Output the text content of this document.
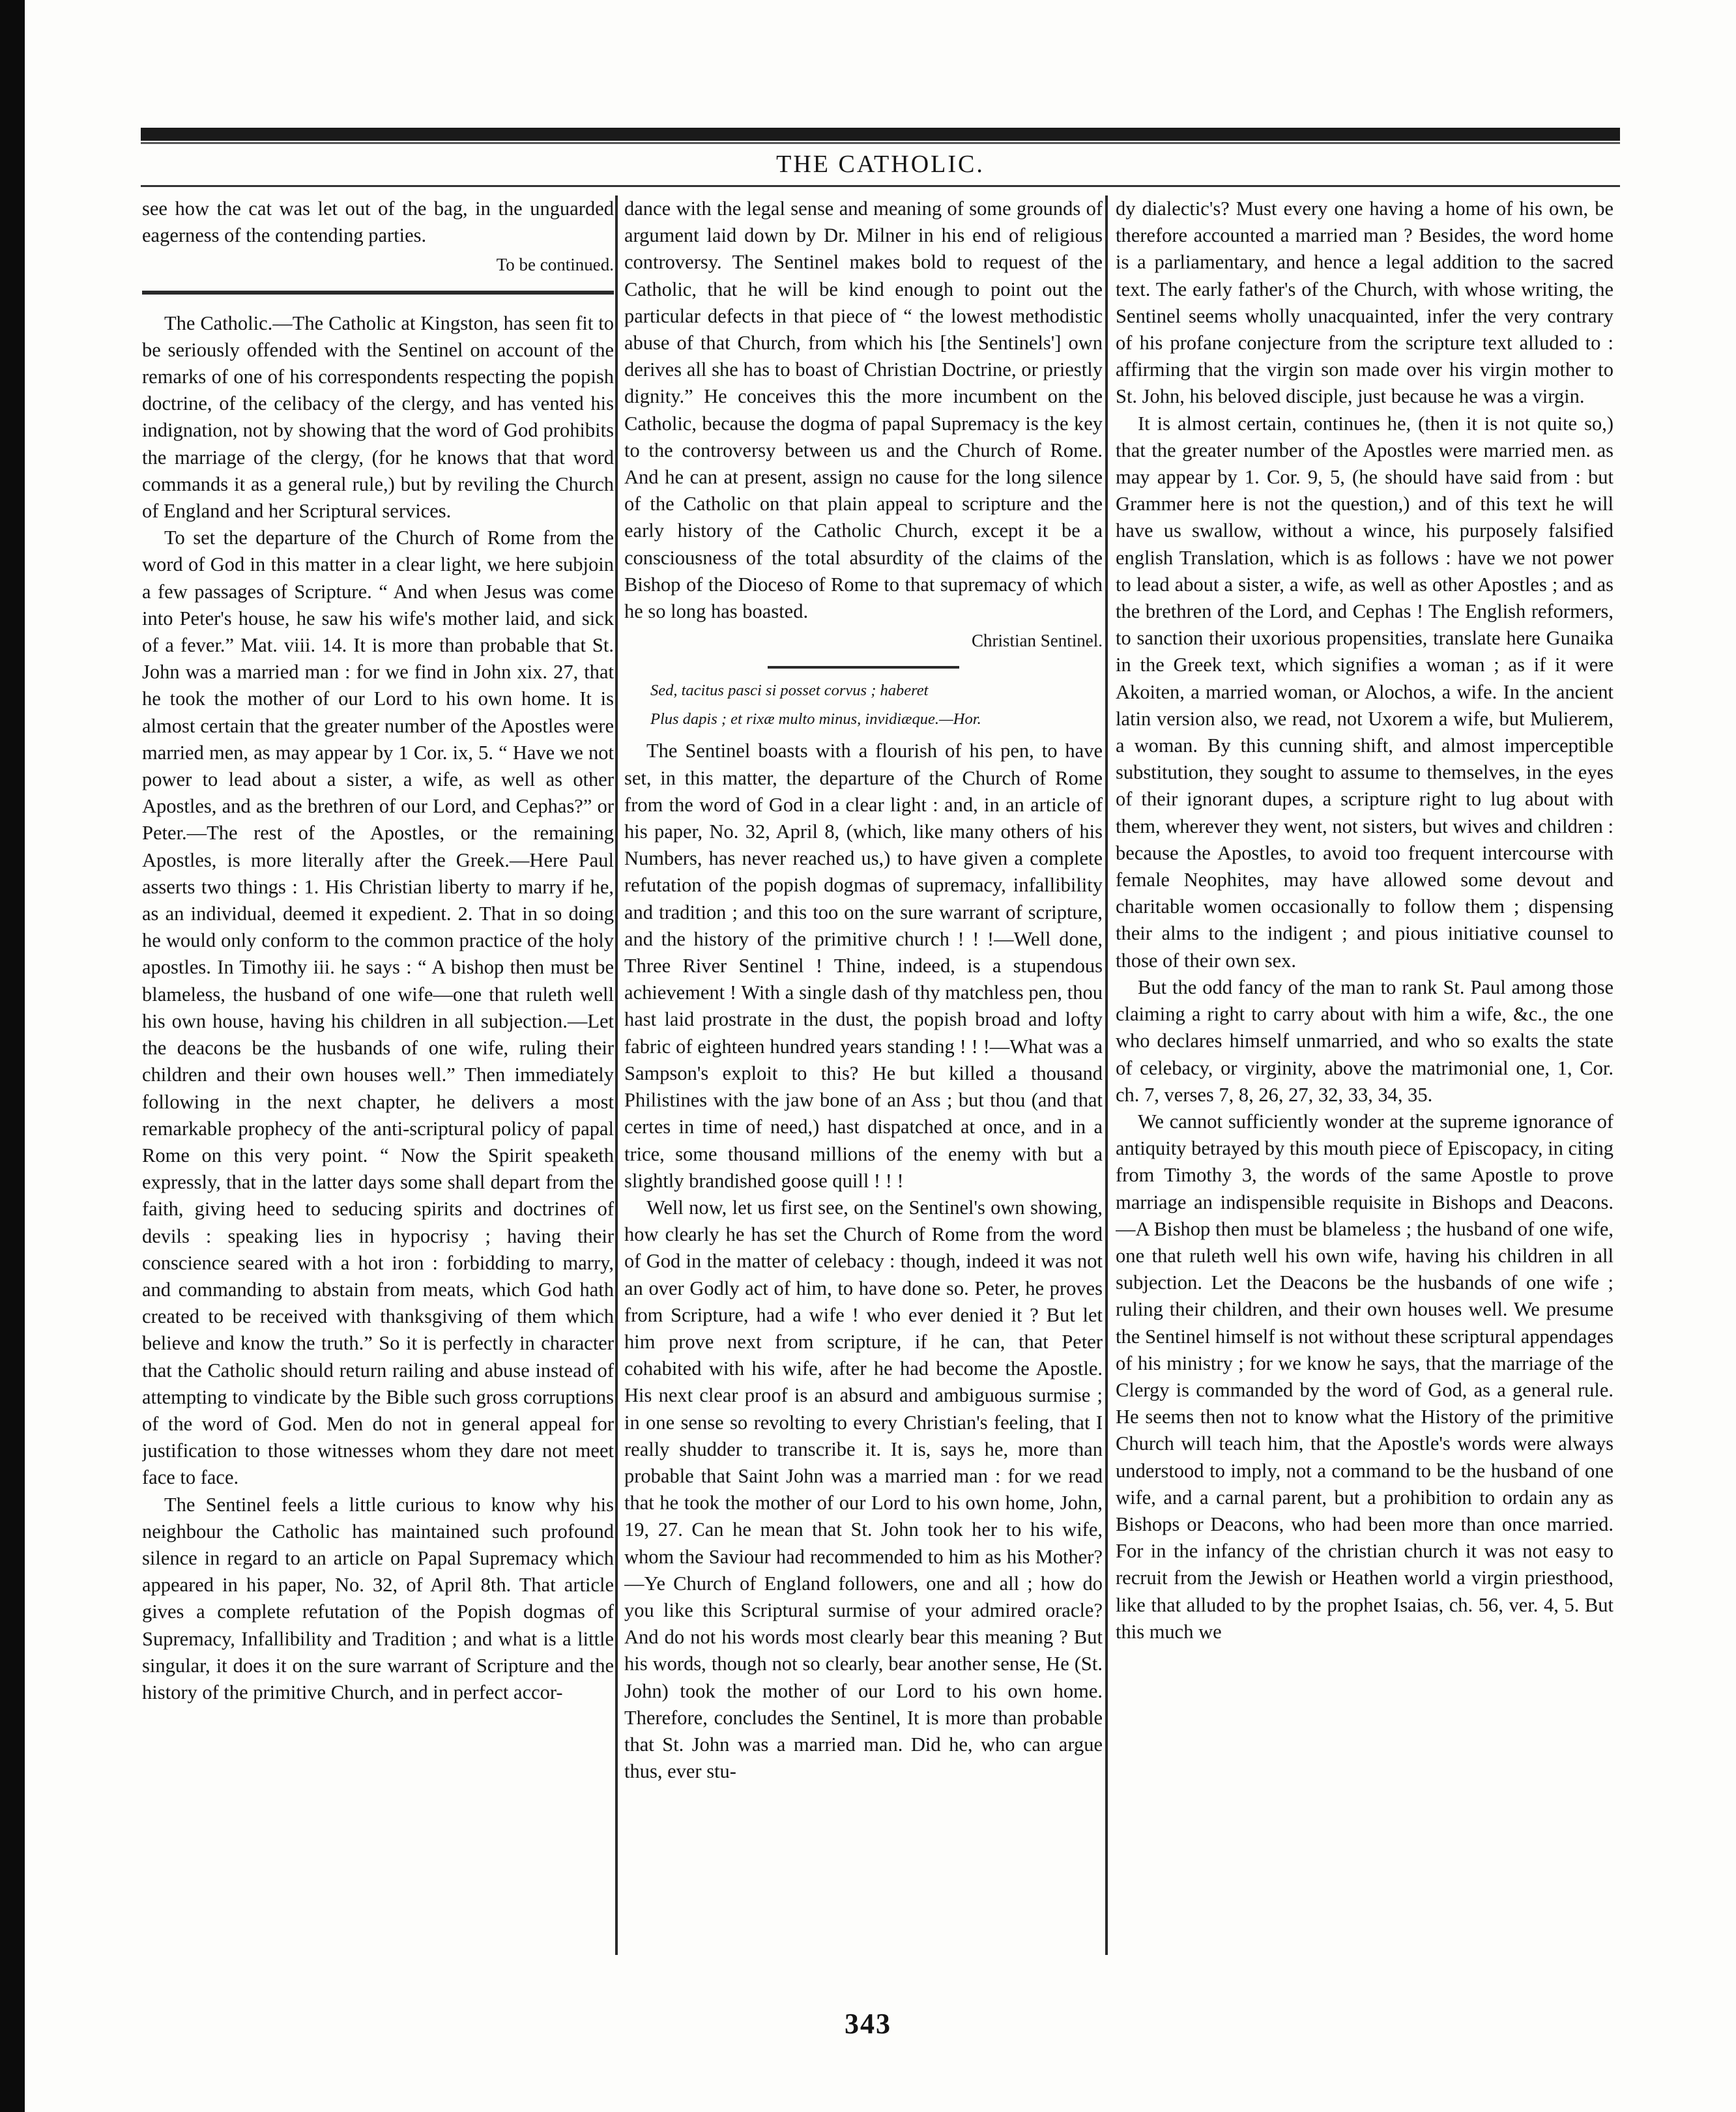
THE CATHOLIC.

see how the cat was let out of the bag, in the unguarded eagerness of the contending parties.

To be continued.

The Catholic.—The Catholic at Kingston, has seen fit to be seriously offended with the Sentinel on account of the remarks of one of his correspondents respecting the popish doctrine, of the celibacy of the clergy, and has vented his indignation, not by showing that the word of God prohibits the marriage of the clergy, (for he knows that that word commands it as a general rule,) but by reviling the Church of England and her Scriptural services.

To set the departure of the Church of Rome from the word of God in this matter in a clear light, we here subjoin a few passages of Scripture. “ And when Jesus was come into Peter's house, he saw his wife's mother laid, and sick of a fever.” Mat. viii. 14. It is more than probable that St. John was a married man : for we find in John xix. 27, that he took the mother of our Lord to his own home. It is almost certain that the greater number of the Apostles were married men, as may appear by 1 Cor. ix, 5. “ Have we not power to lead about a sister, a wife, as well as other Apostles, and as the brethren of our Lord, and Cephas?” or Peter.—The rest of the Apostles, or the remaining Apostles, is more literally after the Greek.—Here Paul asserts two things : 1. His Christian liberty to marry if he, as an individual, deemed it expedient. 2. That in so doing he would only conform to the common practice of the holy apostles. In Timothy iii. he says : “ A bishop then must be blameless, the husband of one wife—one that ruleth well his own house, having his children in all subjection.—Let the deacons be the husbands of one wife, ruling their children and their own houses well.” Then immediately following in the next chapter, he delivers a most remarkable prophecy of the anti-scriptural policy of papal Rome on this very point. “ Now the Spirit speaketh expressly, that in the latter days some shall depart from the faith, giving heed to seducing spirits and doctrines of devils : speaking lies in hypocrisy ; having their conscience seared with a hot iron : forbidding to marry, and commanding to abstain from meats, which God hath created to be received with thanksgiving of them which believe and know the truth.” So it is perfectly in character that the Catholic should return railing and abuse instead of attempting to vindicate by the Bible such gross corruptions of the word of God. Men do not in general appeal for justification to those witnesses whom they dare not meet face to face.

The Sentinel feels a little curious to know why his neighbour the Catholic has maintained such profound silence in regard to an article on Papal Supremacy which appeared in his paper, No. 32, of April 8th. That article gives a complete refutation of the Popish dogmas of Supremacy, Infallibility and Tradition ; and what is a little singular, it does it on the sure warrant of Scripture and the history of the primitive Church, and in perfect accor-

dance with the legal sense and meaning of some grounds of argument laid down by Dr. Milner in his end of religious controversy. The Sentinel makes bold to request of the Catholic, that he will be kind enough to point out the particular defects in that piece of “ the lowest methodistic abuse of that Church, from which his [the Sentinels'] own derives all she has to boast of Christian Doctrine, or priestly dignity.” He conceives this the more incumbent on the Catholic, because the dogma of papal Supremacy is the key to the controversy between us and the Church of Rome. And he can at present, assign no cause for the long silence of the Catholic on that plain appeal to scripture and the early history of the Catholic Church, except it be a consciousness of the total absurdity of the claims of the Bishop of the Dioceso of Rome to that supremacy of which he so long has boasted.

Christian Sentinel.
Sed, tacitus pasci si posset corvus ; haberet
Plus dapis ; et rixæ multo minus, invidiæque.—Hor.

The Sentinel boasts with a flourish of his pen, to have set, in this matter, the departure of the Church of Rome from the word of God in a clear light : and, in an article of his paper, No. 32, April 8, (which, like many others of his Numbers, has never reached us,) to have given a complete refutation of the popish dogmas of supremacy, infallibility and tradition ; and this too on the sure warrant of scripture, and the history of the primitive church ! ! !—Well done, Three River Sentinel ! Thine, indeed, is a stupendous achievement ! With a single dash of thy matchless pen, thou hast laid prostrate in the dust, the popish broad and lofty fabric of eighteen hundred years standing ! ! !—What was a Sampson's exploit to this? He but killed a thousand Philistines with the jaw bone of an Ass ; but thou (and that certes in time of need,) hast dispatched at once, and in a trice, some thousand millions of the enemy with but a slightly brandished goose quill ! ! !

Well now, let us first see, on the Sentinel's own showing, how clearly he has set the Church of Rome from the word of God in the matter of celebacy : though, indeed it was not an over Godly act of him, to have done so. Peter, he proves from Scripture, had a wife ! who ever denied it ? But let him prove next from scripture, if he can, that Peter cohabited with his wife, after he had become the Apostle. His next clear proof is an absurd and ambiguous surmise ; in one sense so revolting to every Christian's feeling, that I really shudder to transcribe it. It is, says he, more than probable that Saint John was a married man : for we read that he took the mother of our Lord to his own home, John, 19, 27. Can he mean that St. John took her to his wife, whom the Saviour had recommended to him as his Mother?—Ye Church of England followers, one and all ; how do you like this Scriptural surmise of your admired oracle? And do not his words most clearly bear this meaning ? But his words, though not so clearly, bear another sense, He (St. John) took the mother of our Lord to his own home. Therefore, concludes the Sentinel, It is more than probable that St. John was a married man. Did he, who can argue thus, ever stu-

dy dialectic's? Must every one having a home of his own, be therefore accounted a married man ? Besides, the word home is a parliamentary, and hence a legal addition to the sacred text. The early father's of the Church, with whose writing, the Sentinel seems wholly unacquainted, infer the very contrary of his profane conjecture from the scripture text alluded to : affirming that the virgin son made over his virgin mother to St. John, his beloved disciple, just because he was a virgin.

It is almost certain, continues he, (then it is not quite so,) that the greater number of the Apostles were married men. as may appear by 1. Cor. 9, 5, (he should have said from : but Grammer here is not the question,) and of this text he will have us swallow, without a wince, his purposely falsified english Translation, which is as follows : have we not power to lead about a sister, a wife, as well as other Apostles ; and as the brethren of the Lord, and Cephas ! The English reformers, to sanction their uxorious propensities, translate here Gunaika in the Greek text, which signifies a woman ; as if it were Akoiten, a married woman, or Alochos, a wife. In the ancient latin version also, we read, not Uxorem a wife, but Mulierem, a woman. By this cunning shift, and almost imperceptible substitution, they sought to assume to themselves, in the eyes of their ignorant dupes, a scripture right to lug about with them, wherever they went, not sisters, but wives and children : because the Apostles, to avoid too frequent intercourse with female Neophites, may have allowed some devout and charitable women occasionally to follow them ; dispensing their alms to the indigent ; and pious initiative counsel to those of their own sex.

But the odd fancy of the man to rank St. Paul among those claiming a right to carry about with him a wife, &c., the one who declares himself unmarried, and who so exalts the state of celebacy, or virginity, above the matrimonial one, 1, Cor. ch. 7, verses 7, 8, 26, 27, 32, 33, 34, 35.

We cannot sufficiently wonder at the supreme ignorance of antiquity betrayed by this mouth piece of Episcopacy, in citing from Timothy 3, the words of the same Apostle to prove marriage an indispensible requisite in Bishops and Deacons.—A Bishop then must be blameless ; the husband of one wife, one that ruleth well his own wife, having his children in all subjection. Let the Deacons be the husbands of one wife ; ruling their children, and their own houses well. We presume the Sentinel himself is not without these scriptural appendages of his ministry ; for we know he says, that the marriage of the Clergy is commanded by the word of God, as a general rule. He seems then not to know what the History of the primitive Church will teach him, that the Apostle's words were always understood to imply, not a command to be the husband of one wife, and a carnal parent, but a prohibition to ordain any as Bishops or Deacons, who had been more than once married. For in the infancy of the christian church it was not easy to recruit from the Jewish or Heathen world a virgin priesthood, like that alluded to by the prophet Isaias, ch. 56, ver. 4, 5. But this much we

343
